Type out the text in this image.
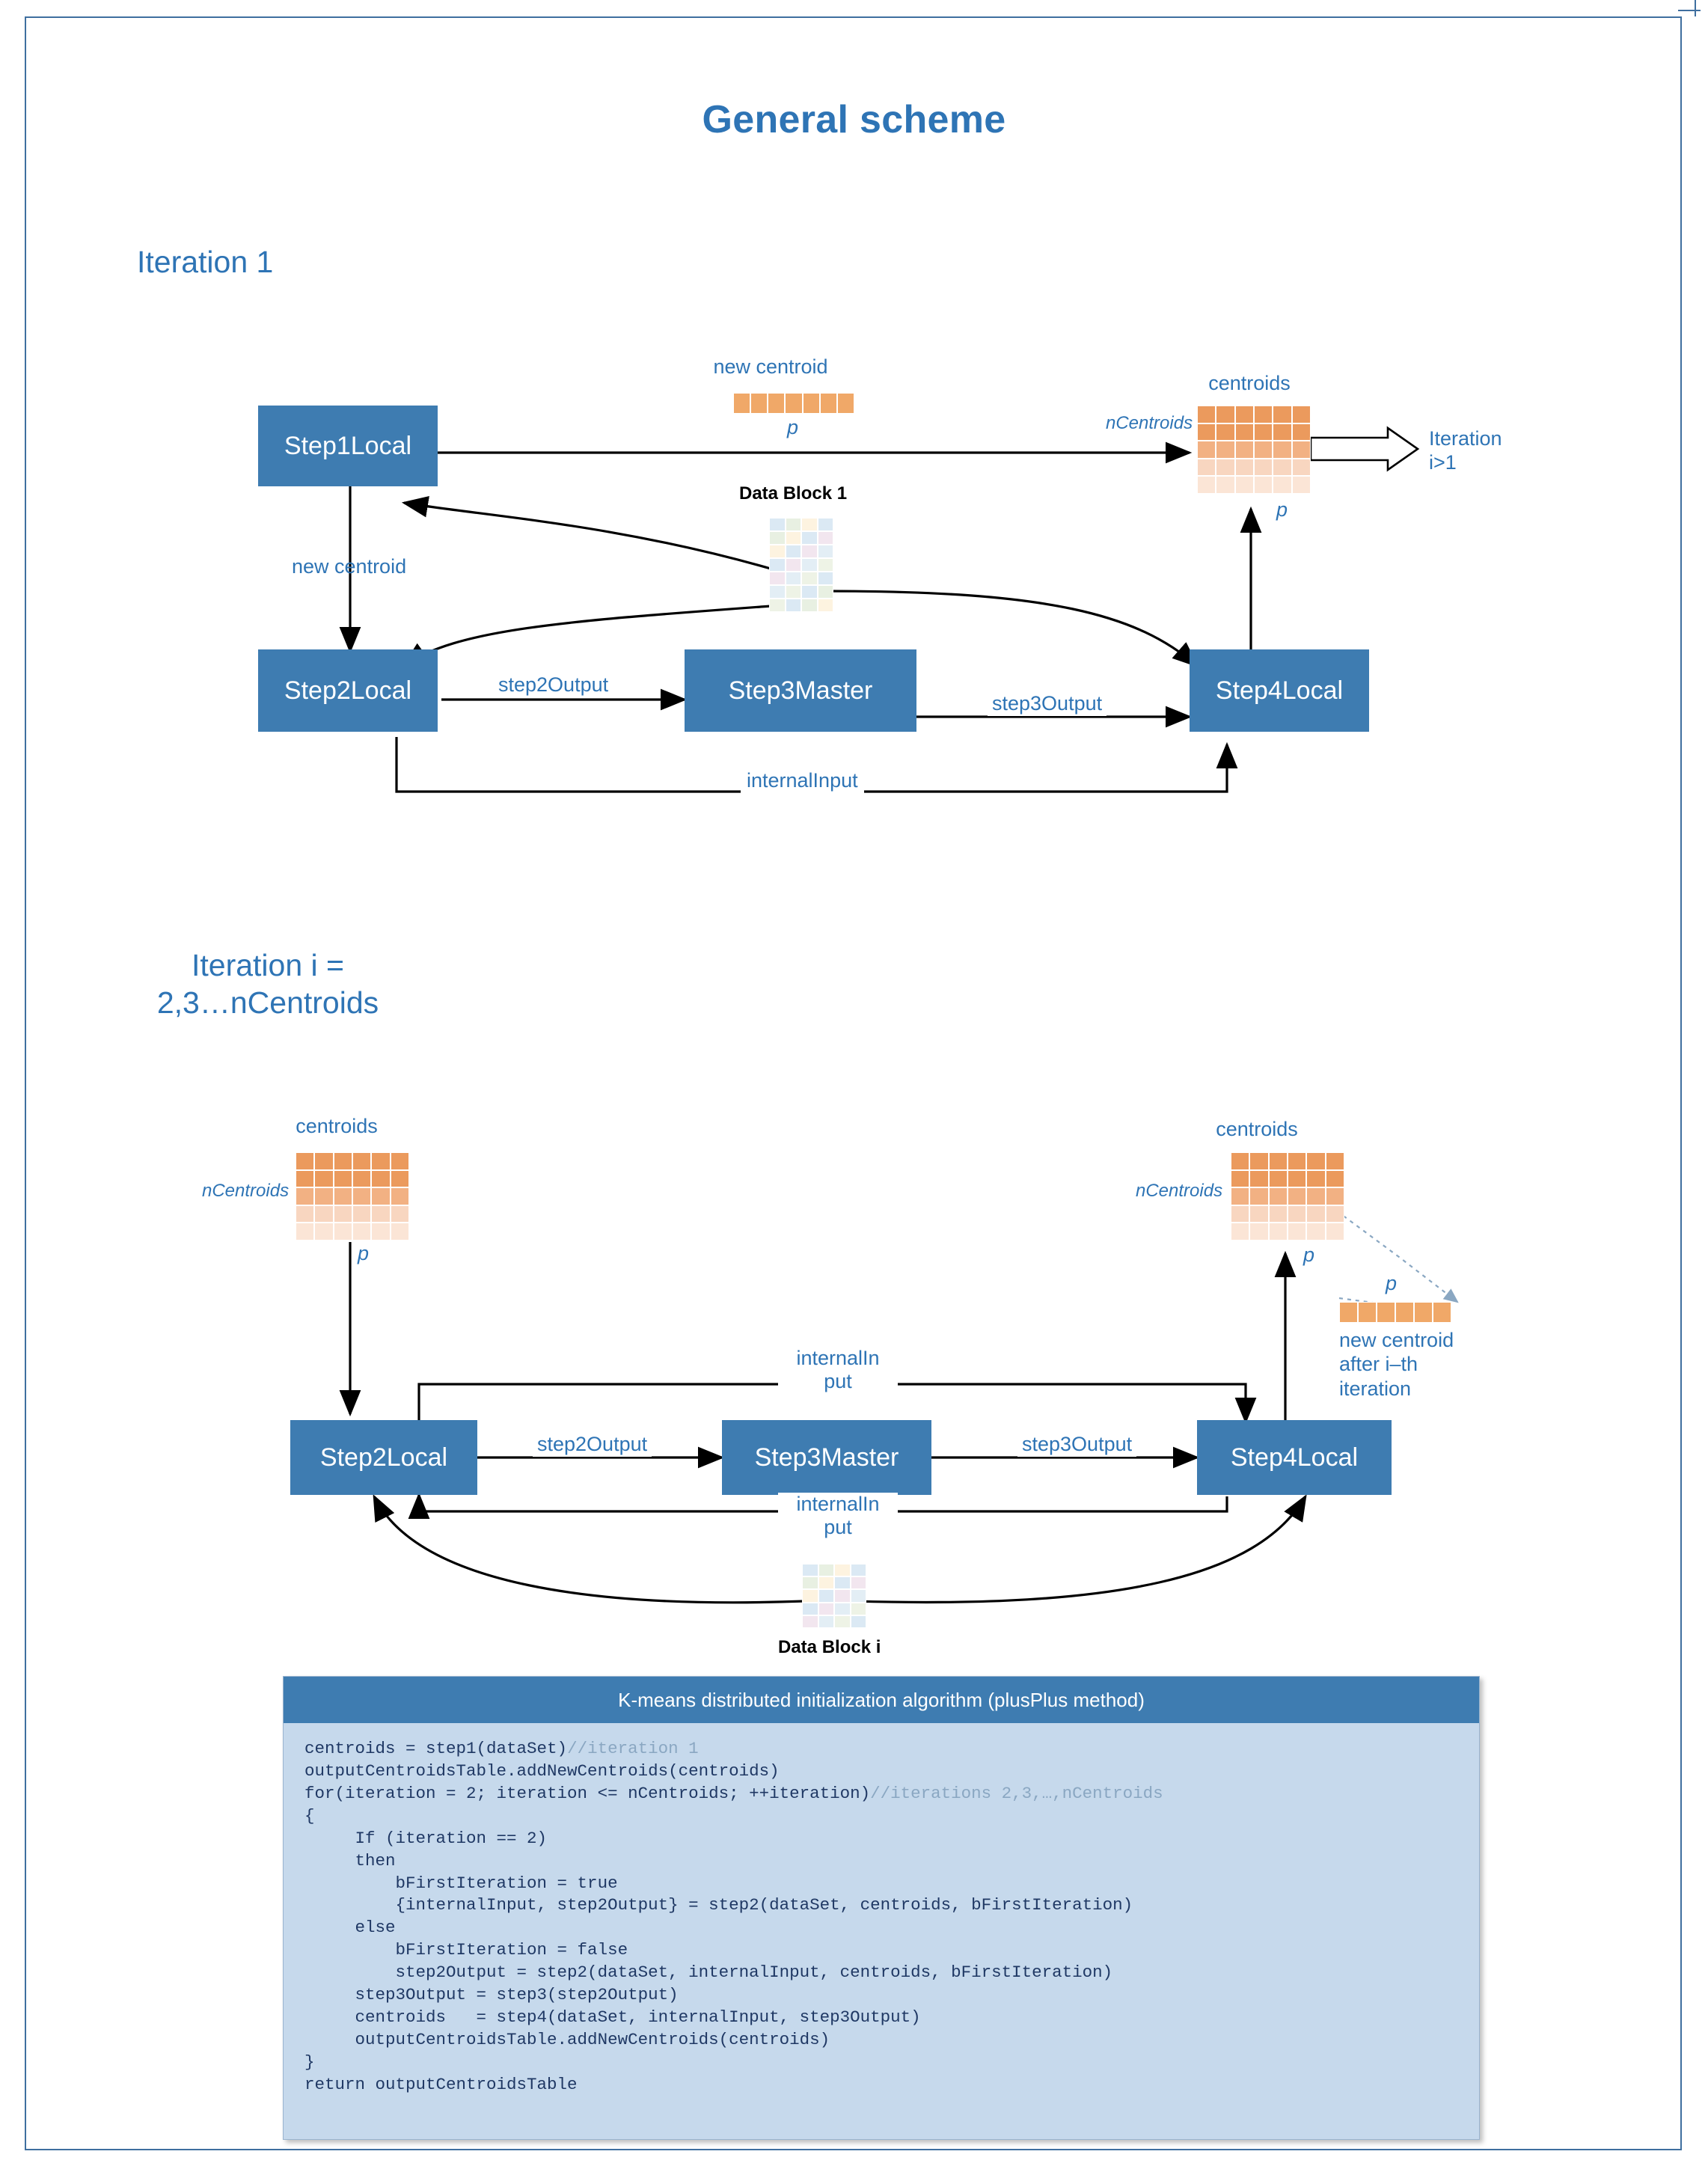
General scheme
Iteration 1
Iteration i =
2,3…nCentroids
new centroid
p
centroids
nCentroids
p
Data Block 1
Step1Local
Step2Local	Step3Master	Step4Local
new centroid
step2Output
step3Output
internalInput
Iteration
i>1
centroids
nCentroids
p
centroids
nCentroids
p
p
new centroid
after i–th
iteration
Data Block i
Step2Local	Step3Master	Step4Local
internalIn
put
internalIn
put
step2Output	step3Output
K-means distributed initialization algorithm (plusPlus method)
centroids = step1(dataSet)//iteration 1
outputCentroidsTable.addNewCentroids(centroids)
for(iteration = 2; iteration <= nCentroids; ++iteration)//iterations 2,3,…,nCentroids
{
If (iteration == 2)
then
bFirstIteration = true
{internalInput, step2Output} = step2(dataSet, centroids, bFirstIteration)
else
bFirstIteration = false
step2Output = step2(dataSet, internalInput, centroids, bFirstIteration)
step3Output = step3(step2Output)
centroids   = step4(dataSet, internalInput, step3Output)
outputCentroidsTable.addNewCentroids(centroids)
}
return outputCentroidsTable
